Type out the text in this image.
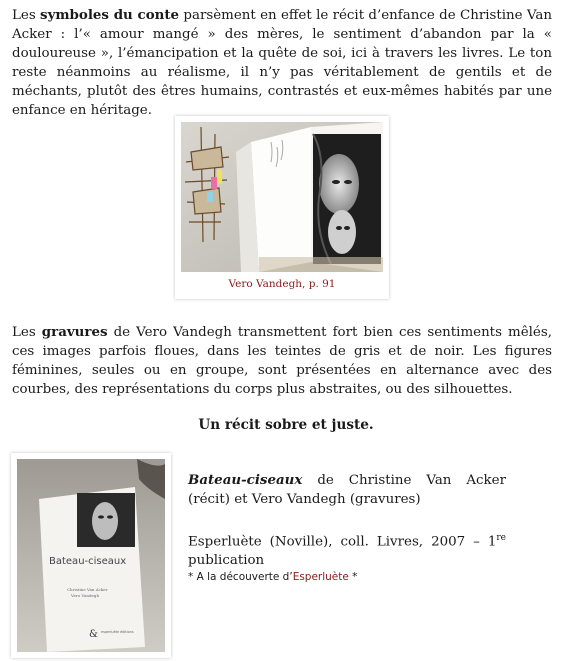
Les symboles du conte parsèment en effet le récit d’enfance de Christine Van Acker : l’« amour mangé » des mères, le sentiment d’abandon par la « douloureuse », l’émancipation et la quête de soi, ici à travers les livres. Le ton reste néanmoins au réalisme, il n’y pas véritablement de gentils et de méchants, plutôt des êtres humains, contrastés et eux-mêmes habités par une enfance en héritage.

Vero Vandegh, p. 91

Les gravures de Vero Vandegh transmettent fort bien ces sentiments mêlés, ces images parfois floues, dans les teintes de gris et de noir. Les figures féminines, seules ou en groupe, sont présentées en alternance avec des courbes, des représentations du corps plus abstraites, ou des silhouettes.

Un récit sobre et juste.
Bateau-ciseaux
Christine Van Acker
Vero Vandegh
& esperluète éditions

Bateau-ciseaux de Christine Van Acker (récit) et Vero Vandegh (gravures)

Esperluète (Noville), coll. Livres, 2007 – 1re publication

* A la découverte d’Esperluète *
